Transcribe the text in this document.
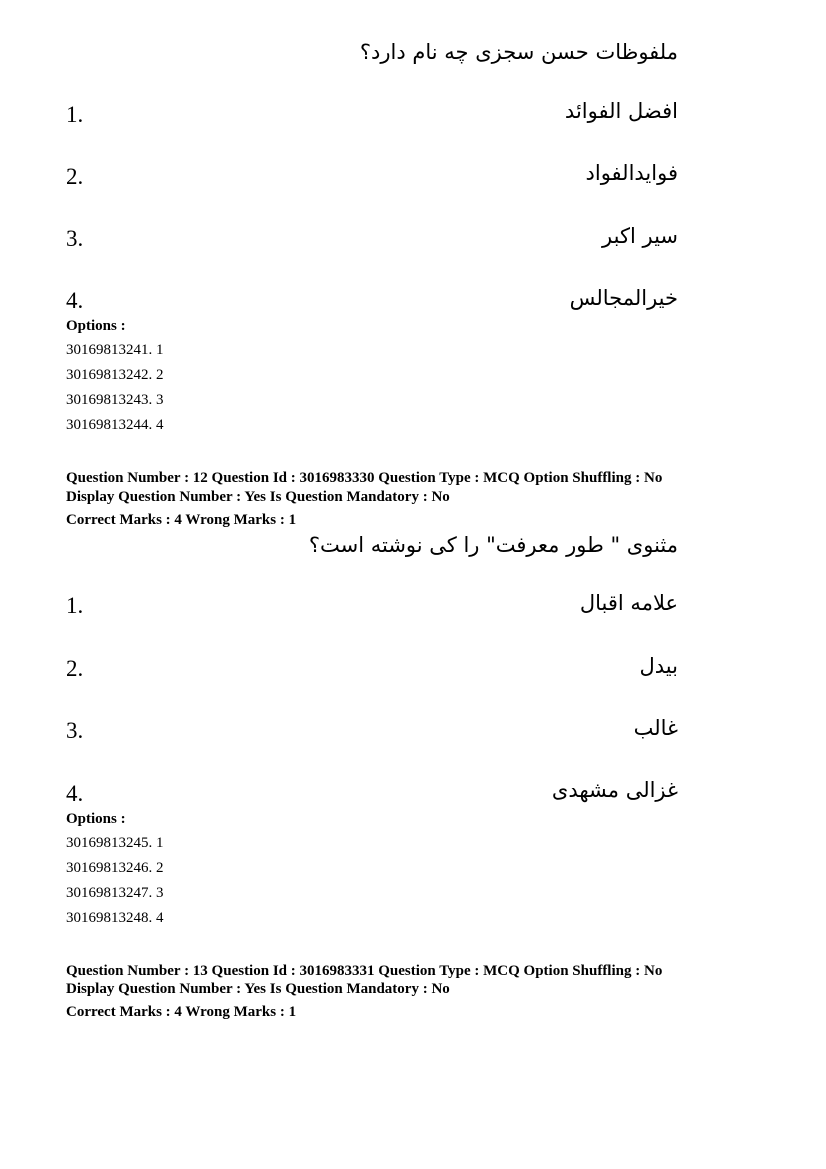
ملفوظات حسن سجزی چه نام دارد؟
1.	افضل الفوائد
2.	فوایدالفواد
3.	سیر اکبر
4.	خیرالمجالس
Options :
30169813241. 1
30169813242. 2
30169813243. 3
30169813244. 4
Question Number : 12 Question Id : 3016983330 Question Type : MCQ Option Shuffling : No
Display Question Number : Yes Is Question Mandatory : No
Correct Marks : 4 Wrong Marks : 1
مثنوی " طور معرفت" را کی نوشته است؟
1.	علامه اقبال
2.	بیدل
3.	غالب
4.	غزالی مشهدی
Options :
30169813245. 1
30169813246. 2
30169813247. 3
30169813248. 4
Question Number : 13 Question Id : 3016983331 Question Type : MCQ Option Shuffling : No
Display Question Number : Yes Is Question Mandatory : No
Correct Marks : 4 Wrong Marks : 1
